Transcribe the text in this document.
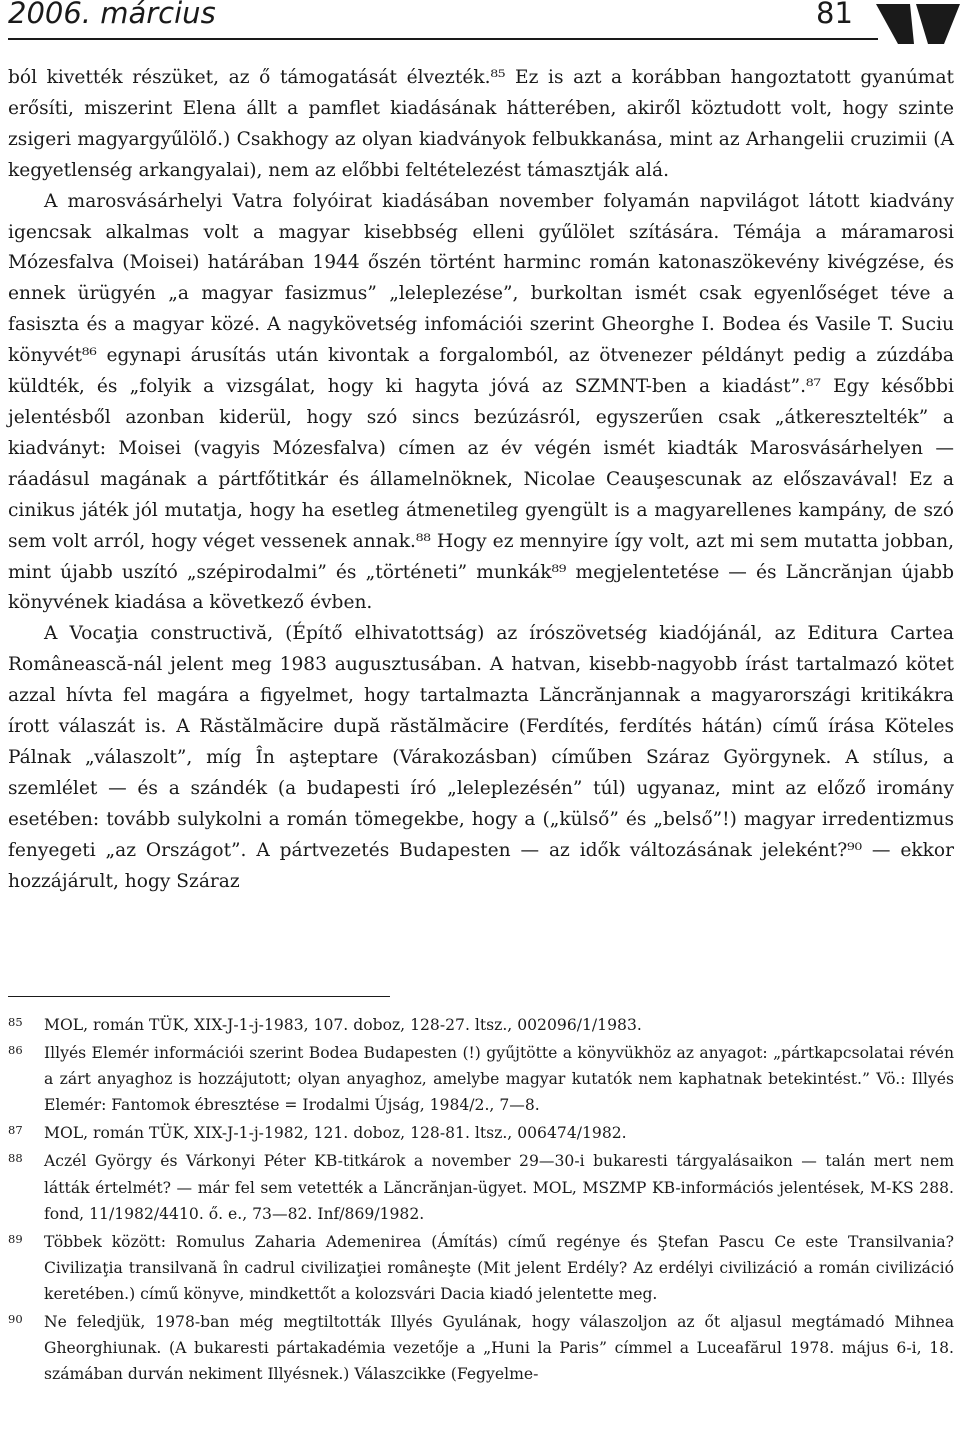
2006. március	81

ból kivették részüket, az ő támogatását élvezték.⁸⁵ Ez is azt a korábban hangoztatott gyanúmat erősíti, miszerint Elena állt a pamflet kiadásának hátterében, akiről köztudott volt, hogy szinte zsigeri magyargyűlölő.) Csakhogy az olyan kiadványok felbukkanása, mint az Arhangelii cruzimii (A kegyetlenség arkangyalai), nem az előbbi feltételezést támasztják alá.

A marosvásárhelyi Vatra folyóirat kiadásában november folyamán napvilágot látott kiadvány igencsak alkalmas volt a magyar kisebbség elleni gyűlölet szítására. Témája a máramarosi Mózesfalva (Moisei) határában 1944 őszén történt harminc román katonaszökevény kivégzése, és ennek ürügyén „a magyar fasizmus” „leleplezése”, burkoltan ismét csak egyenlőséget téve a fasiszta és a magyar közé. A nagykövetség infomációi szerint Gheorghe I. Bodea és Vasile T. Suciu könyvét⁸⁶ egynapi árusítás után kivontak a forgalomból, az ötvenezer példányt pedig a zúzdába küldték, és „folyik a vizsgálat, hogy ki hagyta jóvá az SZMNT-ben a kiadást”.⁸⁷ Egy későbbi jelentésből azonban kiderül, hogy szó sincs bezúzásról, egyszerűen csak „átkeresztelték” a kiadványt: Moisei (vagyis Mózesfalva) címen az év végén ismét kiadták Marosvásárhelyen — ráadásul magának a pártfőtitkár és államelnöknek, Nicolae Ceauşescunak az előszavával! Ez a cinikus játék jól mutatja, hogy ha esetleg átmenetileg gyengült is a magyarellenes kampány, de szó sem volt arról, hogy véget vessenek annak.⁸⁸ Hogy ez mennyire így volt, azt mi sem mutatta jobban, mint újabb uszító „szépirodalmi” és „történeti” munkák⁸⁹ megjelentetése — és Lăncrănjan újabb könyvének kiadása a következő évben.

A Vocaţia constructivă, (Építő elhivatottság) az írószövetség kiadójánál, az Editura Cartea Românească-nál jelent meg 1983 augusztusában. A hatvan, kisebb-nagyobb írást tartalmazó kötet azzal hívta fel magára a figyelmet, hogy tartalmazta Lăncrănjannak a magyarországi kritikákra írott válaszát is. A Răstălmăcire după răstălmăcire (Ferdítés, ferdítés hátán) című írása Köteles Pálnak „válaszolt”, míg În aşteptare (Várakozásban) címűben Száraz Györgynek. A stílus, a szemlélet — és a szándék (a budapesti író „leleplezésén” túl) ugyanaz, mint az előző iromány esetében: tovább sulykolni a román tömegekbe, hogy a („külső” és „belső”!) magyar irredentizmus fenyegeti „az Országot”. A pártvezetés Budapesten — az idők változásának jeleként?⁹⁰ — ekkor hozzájárult, hogy Száraz

85 MOL, román TÜK, XIX-J-1-j-1983, 107. doboz, 128-27. ltsz., 002096/1/1983.
86 Illyés Elemér információi szerint Bodea Budapesten (!) gyűjtötte a könyvükhöz az anyagot: „pártkapcsolatai révén a zárt anyaghoz is hozzájutott; olyan anyaghoz, amelybe magyar kutatók nem kaphatnak betekintést.” Vö.: Illyés Elemér: Fantomok ébresztése = Irodalmi Újság, 1984/2., 7—8.
87 MOL, román TÜK, XIX-J-1-j-1982, 121. doboz, 128-81. ltsz., 006474/1982.
88 Aczél György és Várkonyi Péter KB-titkárok a november 29—30-i bukaresti tárgyalásaikon — talán mert nem látták értelmét? — már fel sem vetették a Lăncrănjan-ügyet. MOL, MSZMP KB-információs jelentések, M-KS 288. fond, 11/1982/4410. ő. e., 73—82. Inf/869/1982.
89 Többek között: Romulus Zaharia Ademenirea (Ámítás) című regénye és Ştefan Pascu Ce este Transilvania? Civilizaţia transilvană în cadrul civilizaţiei româneşte (Mit jelent Erdély? Az erdélyi civilizáció a román civilizáció keretében.) című könyve, mindkettőt a kolozsvári Dacia kiadó jelentette meg.
90 Ne feledjük, 1978-ban még megtiltották Illyés Gyulának, hogy válaszoljon az őt aljasul megtámadó Mihnea Gheorghiunak. (A bukaresti pártakadémia vezetője a „Huni la Paris” címmel a Luceafărul 1978. május 6-i, 18. számában durván nekiment Illyésnek.) Válaszcikke (Fegyelme-
